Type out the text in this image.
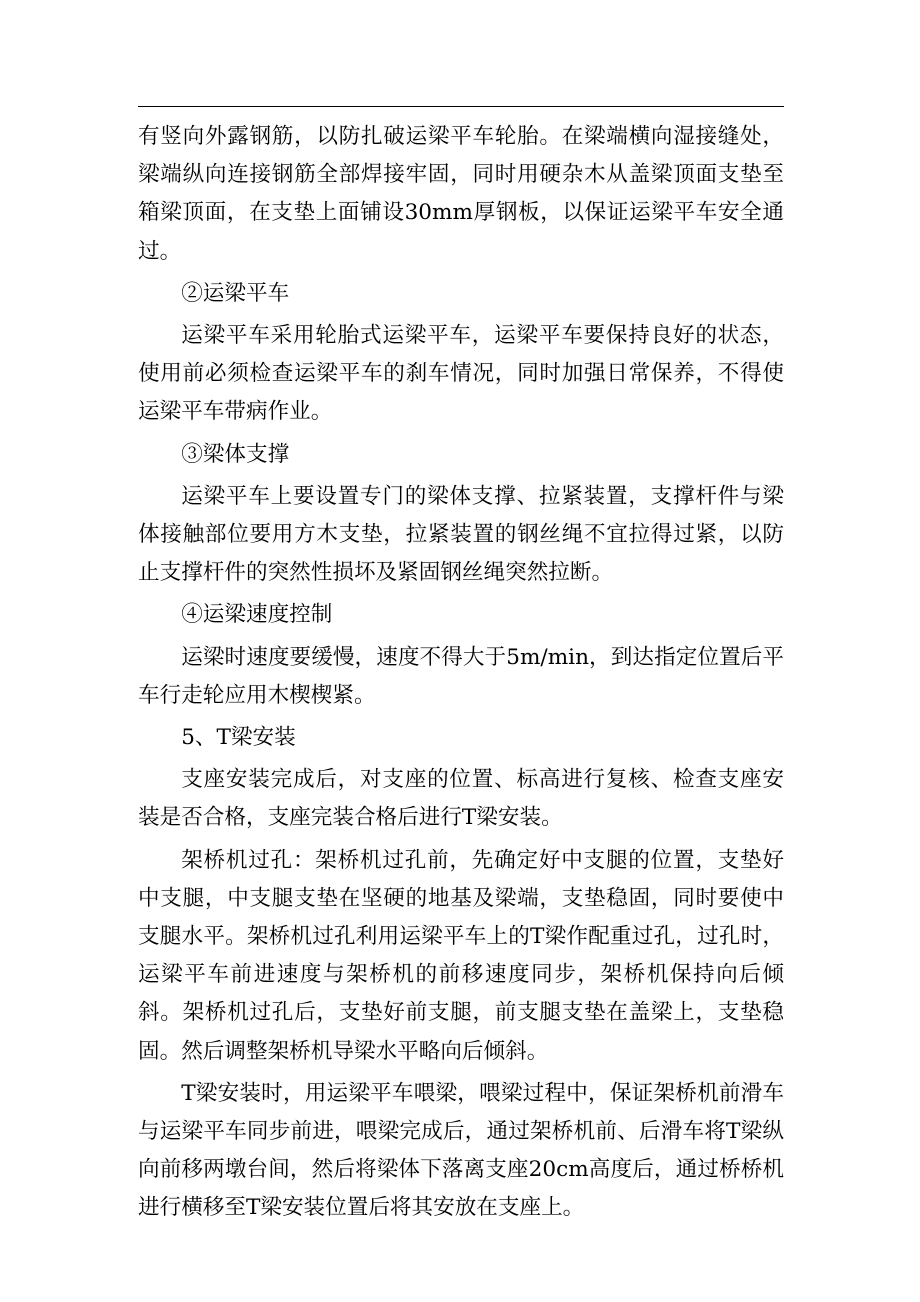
有竖向外露钢筋，以防扎破运梁平车轮胎。在梁端横向湿接缝处，梁端纵向连接钢筋全部焊接牢固，同时用硬杂木从盖梁顶面支垫至箱梁顶面，在支垫上面铺设30mm厚钢板，以保证运梁平车安全通过。

②运梁平车

运梁平车采用轮胎式运梁平车，运梁平车要保持良好的状态，使用前必须检查运梁平车的刹车情况，同时加强日常保养，不得使运梁平车带病作业。

③梁体支撑

运梁平车上要设置专门的梁体支撑、拉紧装置，支撑杆件与梁体接触部位要用方木支垫，拉紧装置的钢丝绳不宜拉得过紧，以防止支撑杆件的突然性损坏及紧固钢丝绳突然拉断。

④运梁速度控制

运梁时速度要缓慢，速度不得大于5m/min，到达指定位置后平车行走轮应用木楔楔紧。

5、T梁安装

支座安装完成后，对支座的位置、标高进行复核、检查支座安装是否合格，支座完装合格后进行T梁安装。

架桥机过孔：架桥机过孔前，先确定好中支腿的位置，支垫好中支腿，中支腿支垫在坚硬的地基及梁端，支垫稳固，同时要使中支腿水平。架桥机过孔利用运梁平车上的T梁作配重过孔，过孔时，运梁平车前进速度与架桥机的前移速度同步，架桥机保持向后倾斜。架桥机过孔后，支垫好前支腿，前支腿支垫在盖梁上，支垫稳固。然后调整架桥机导梁水平略向后倾斜。

T梁安装时，用运梁平车喂梁，喂梁过程中，保证架桥机前滑车与运梁平车同步前进，喂梁完成后，通过架桥机前、后滑车将T梁纵向前移两墩台间，然后将梁体下落离支座20cm高度后，通过桥桥机进行横移至T梁安装位置后将其安放在支座上。
